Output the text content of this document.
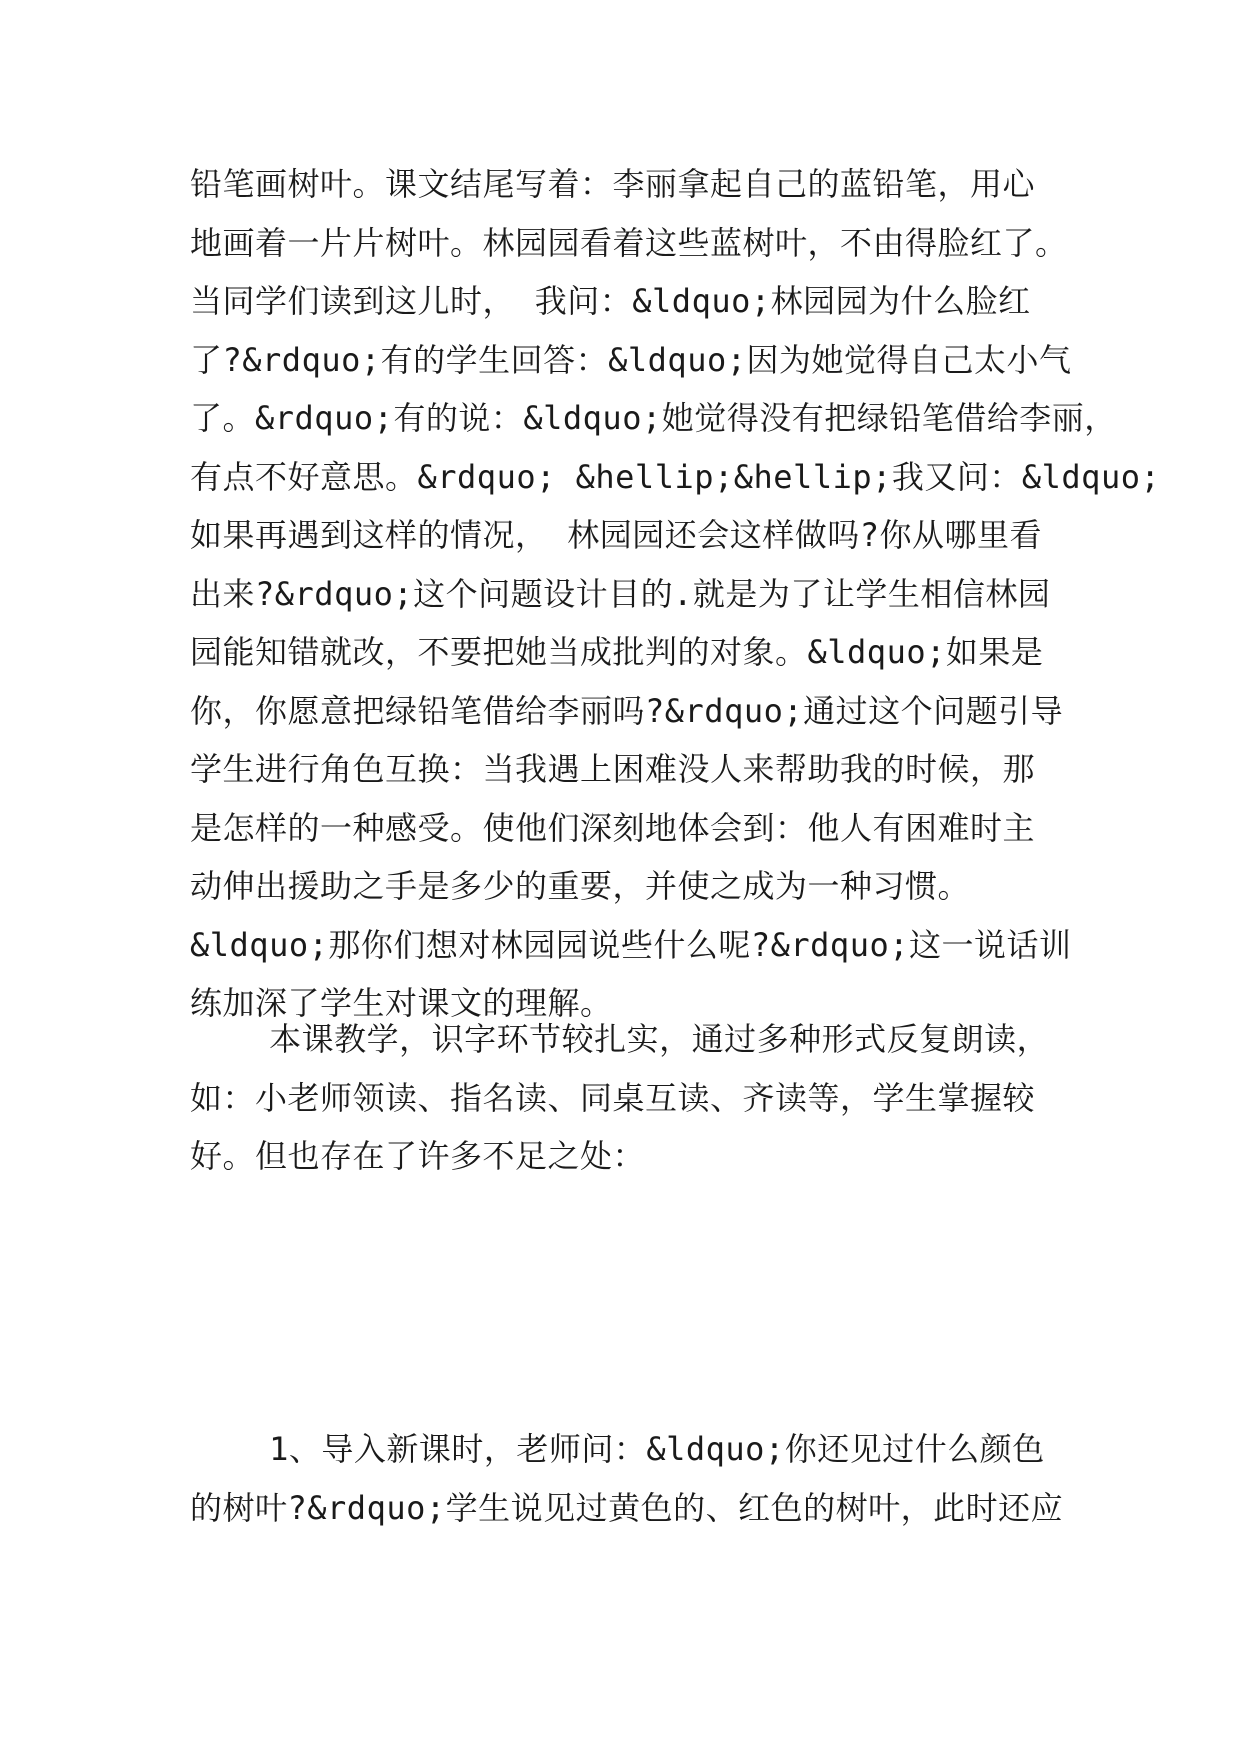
铅笔画树叶。课文结尾写着：李丽拿起自己的蓝铅笔，用心
地画着一片片树叶。林园园看着这些蓝树叶，不由得脸红了。
当同学们读到这儿时， 我问：&ldquo;林园园为什么脸红
了?&rdquo;有的学生回答：&ldquo;因为她觉得自己太小气
了。&rdquo;有的说：&ldquo;她觉得没有把绿铅笔借给李丽，
有点不好意思。&rdquo; &hellip;&hellip;我又问：&ldquo;
如果再遇到这样的情况， 林园园还会这样做吗?你从哪里看
出来?&rdquo;这个问题设计目的.就是为了让学生相信林园
园能知错就改，不要把她当成批判的对象。&ldquo;如果是
你，你愿意把绿铅笔借给李丽吗?&rdquo;通过这个问题引导
学生进行角色互换：当我遇上困难没人来帮助我的时候，那
是怎样的一种感受。使他们深刻地体会到：他人有困难时主
动伸出援助之手是多少的重要，并使之成为一种习惯。
&ldquo;那你们想对林园园说些什么呢?&rdquo;这一说话训
练加深了学生对课文的理解。
本课教学，识字环节较扎实，通过多种形式反复朗读，
如：小老师领读、指名读、同桌互读、齐读等，学生掌握较
好。但也存在了许多不足之处：
1、导入新课时，老师问：&ldquo;你还见过什么颜色
的树叶?&rdquo;学生说见过黄色的、红色的树叶，此时还应
